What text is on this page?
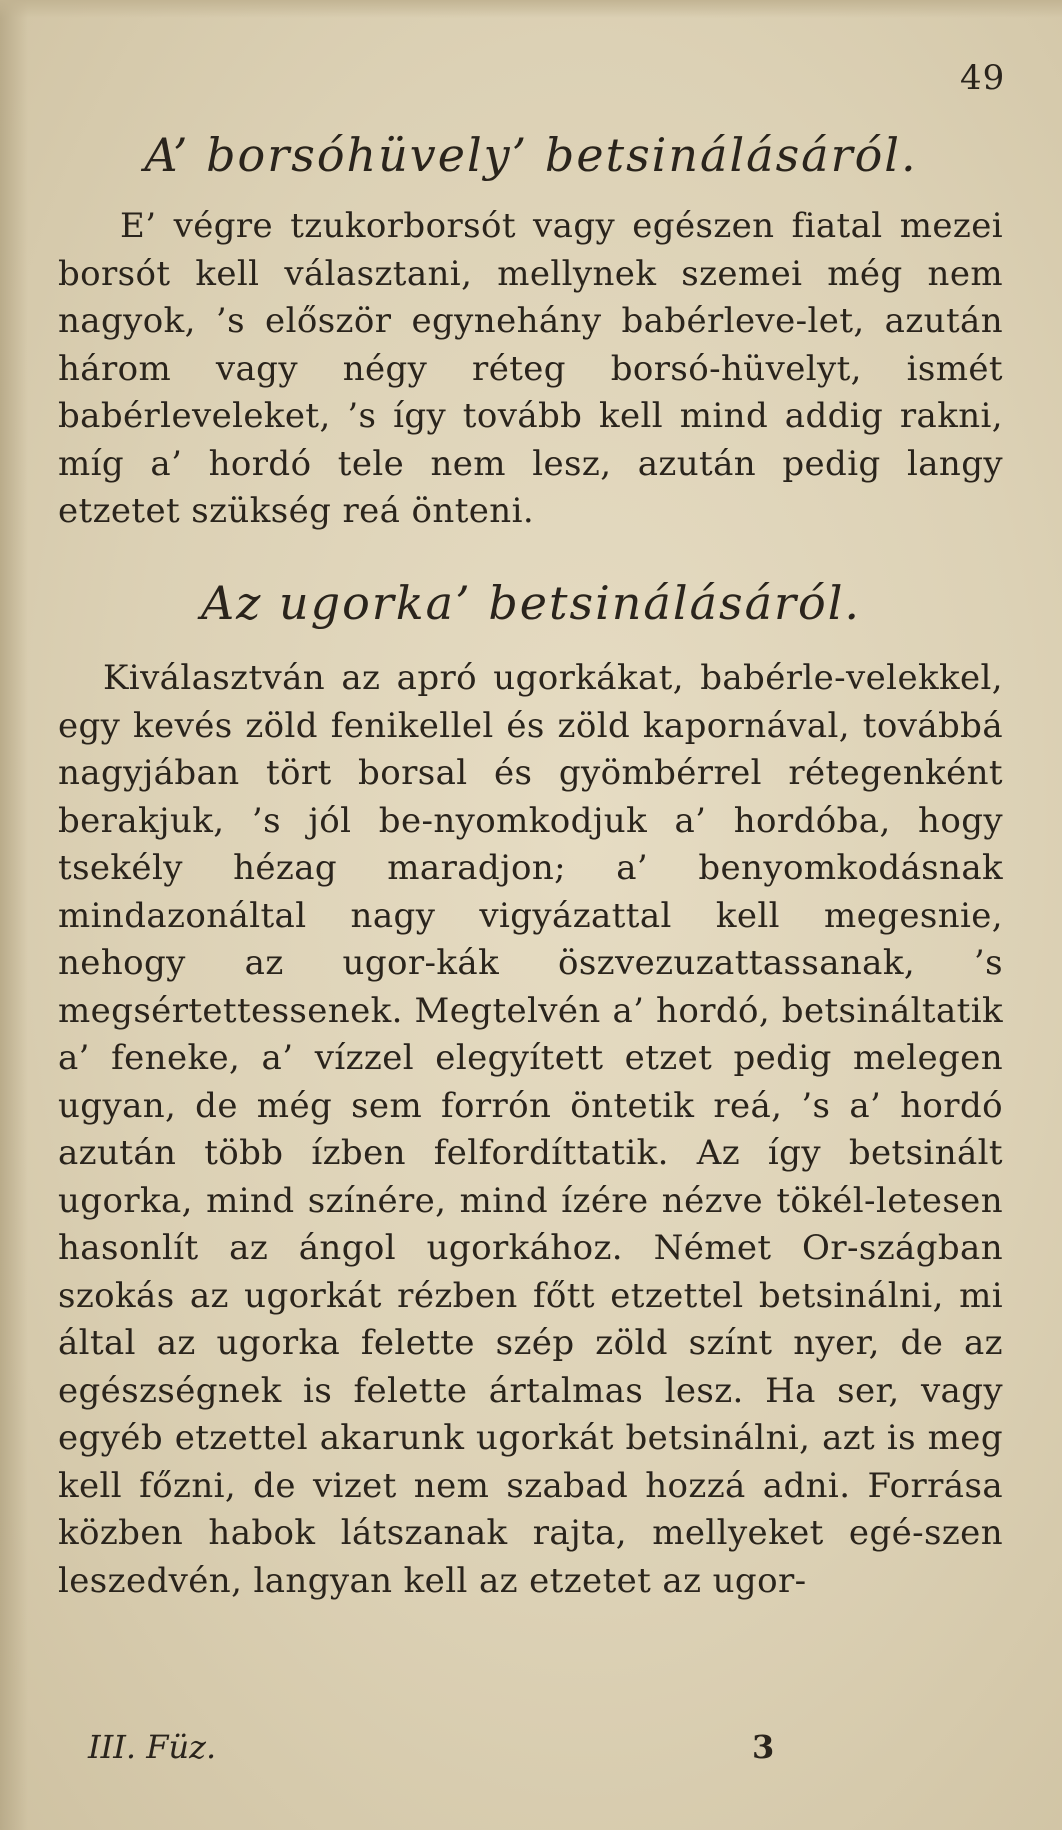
49
A’ borsóhüvely’ betsinálásáról.

E’ végre tzukorborsót vagy egészen fiatal mezei borsót kell választani, mellynek szemei még nem nagyok, ’s először egynehány babérleve-let, azután három vagy négy réteg borsó-hüvelyt, ismét babérleveleket, ’s így tovább kell mind addig rakni, míg a’ hordó tele nem lesz, azután pedig langy etzetet szükség reá önteni.

Az ugorka’ betsinálásáról.

Kiválasztván az apró ugorkákat, babérle-velekkel, egy kevés zöld fenikellel és zöld kapornával, továbbá nagyjában tört borsal és gyömbérrel rétegenként berakjuk, ’s jól be-nyomkodjuk a’ hordóba, hogy tsekély hézag maradjon; a’ benyomkodásnak mindazonáltal nagy vigyázattal kell megesnie, nehogy az ugor-kák öszvezuzattassanak, ’s megsértettessenek. Megtelvén a’ hordó, betsináltatik a’ feneke, a’ vízzel elegyített etzet pedig melegen ugyan, de még sem forrón öntetik reá, ’s a’ hordó azután több ízben felfordíttatik. Az így betsinált ugorka, mind színére, mind ízére nézve tökél-letesen hasonlít az ángol ugorkához. Német Or-szágban szokás az ugorkát rézben főtt etzettel betsinálni, mi által az ugorka felette szép zöld színt nyer, de az egészségnek is felette ártalmas lesz. Ha ser, vagy egyéb etzettel akarunk ugorkát betsinálni, azt is meg kell főzni, de vizet nem szabad hozzá adni. Forrása közben habok látszanak rajta, mellyeket egé-szen leszedvén, langyan kell az etzetet az ugor-

III. Füz.	3
